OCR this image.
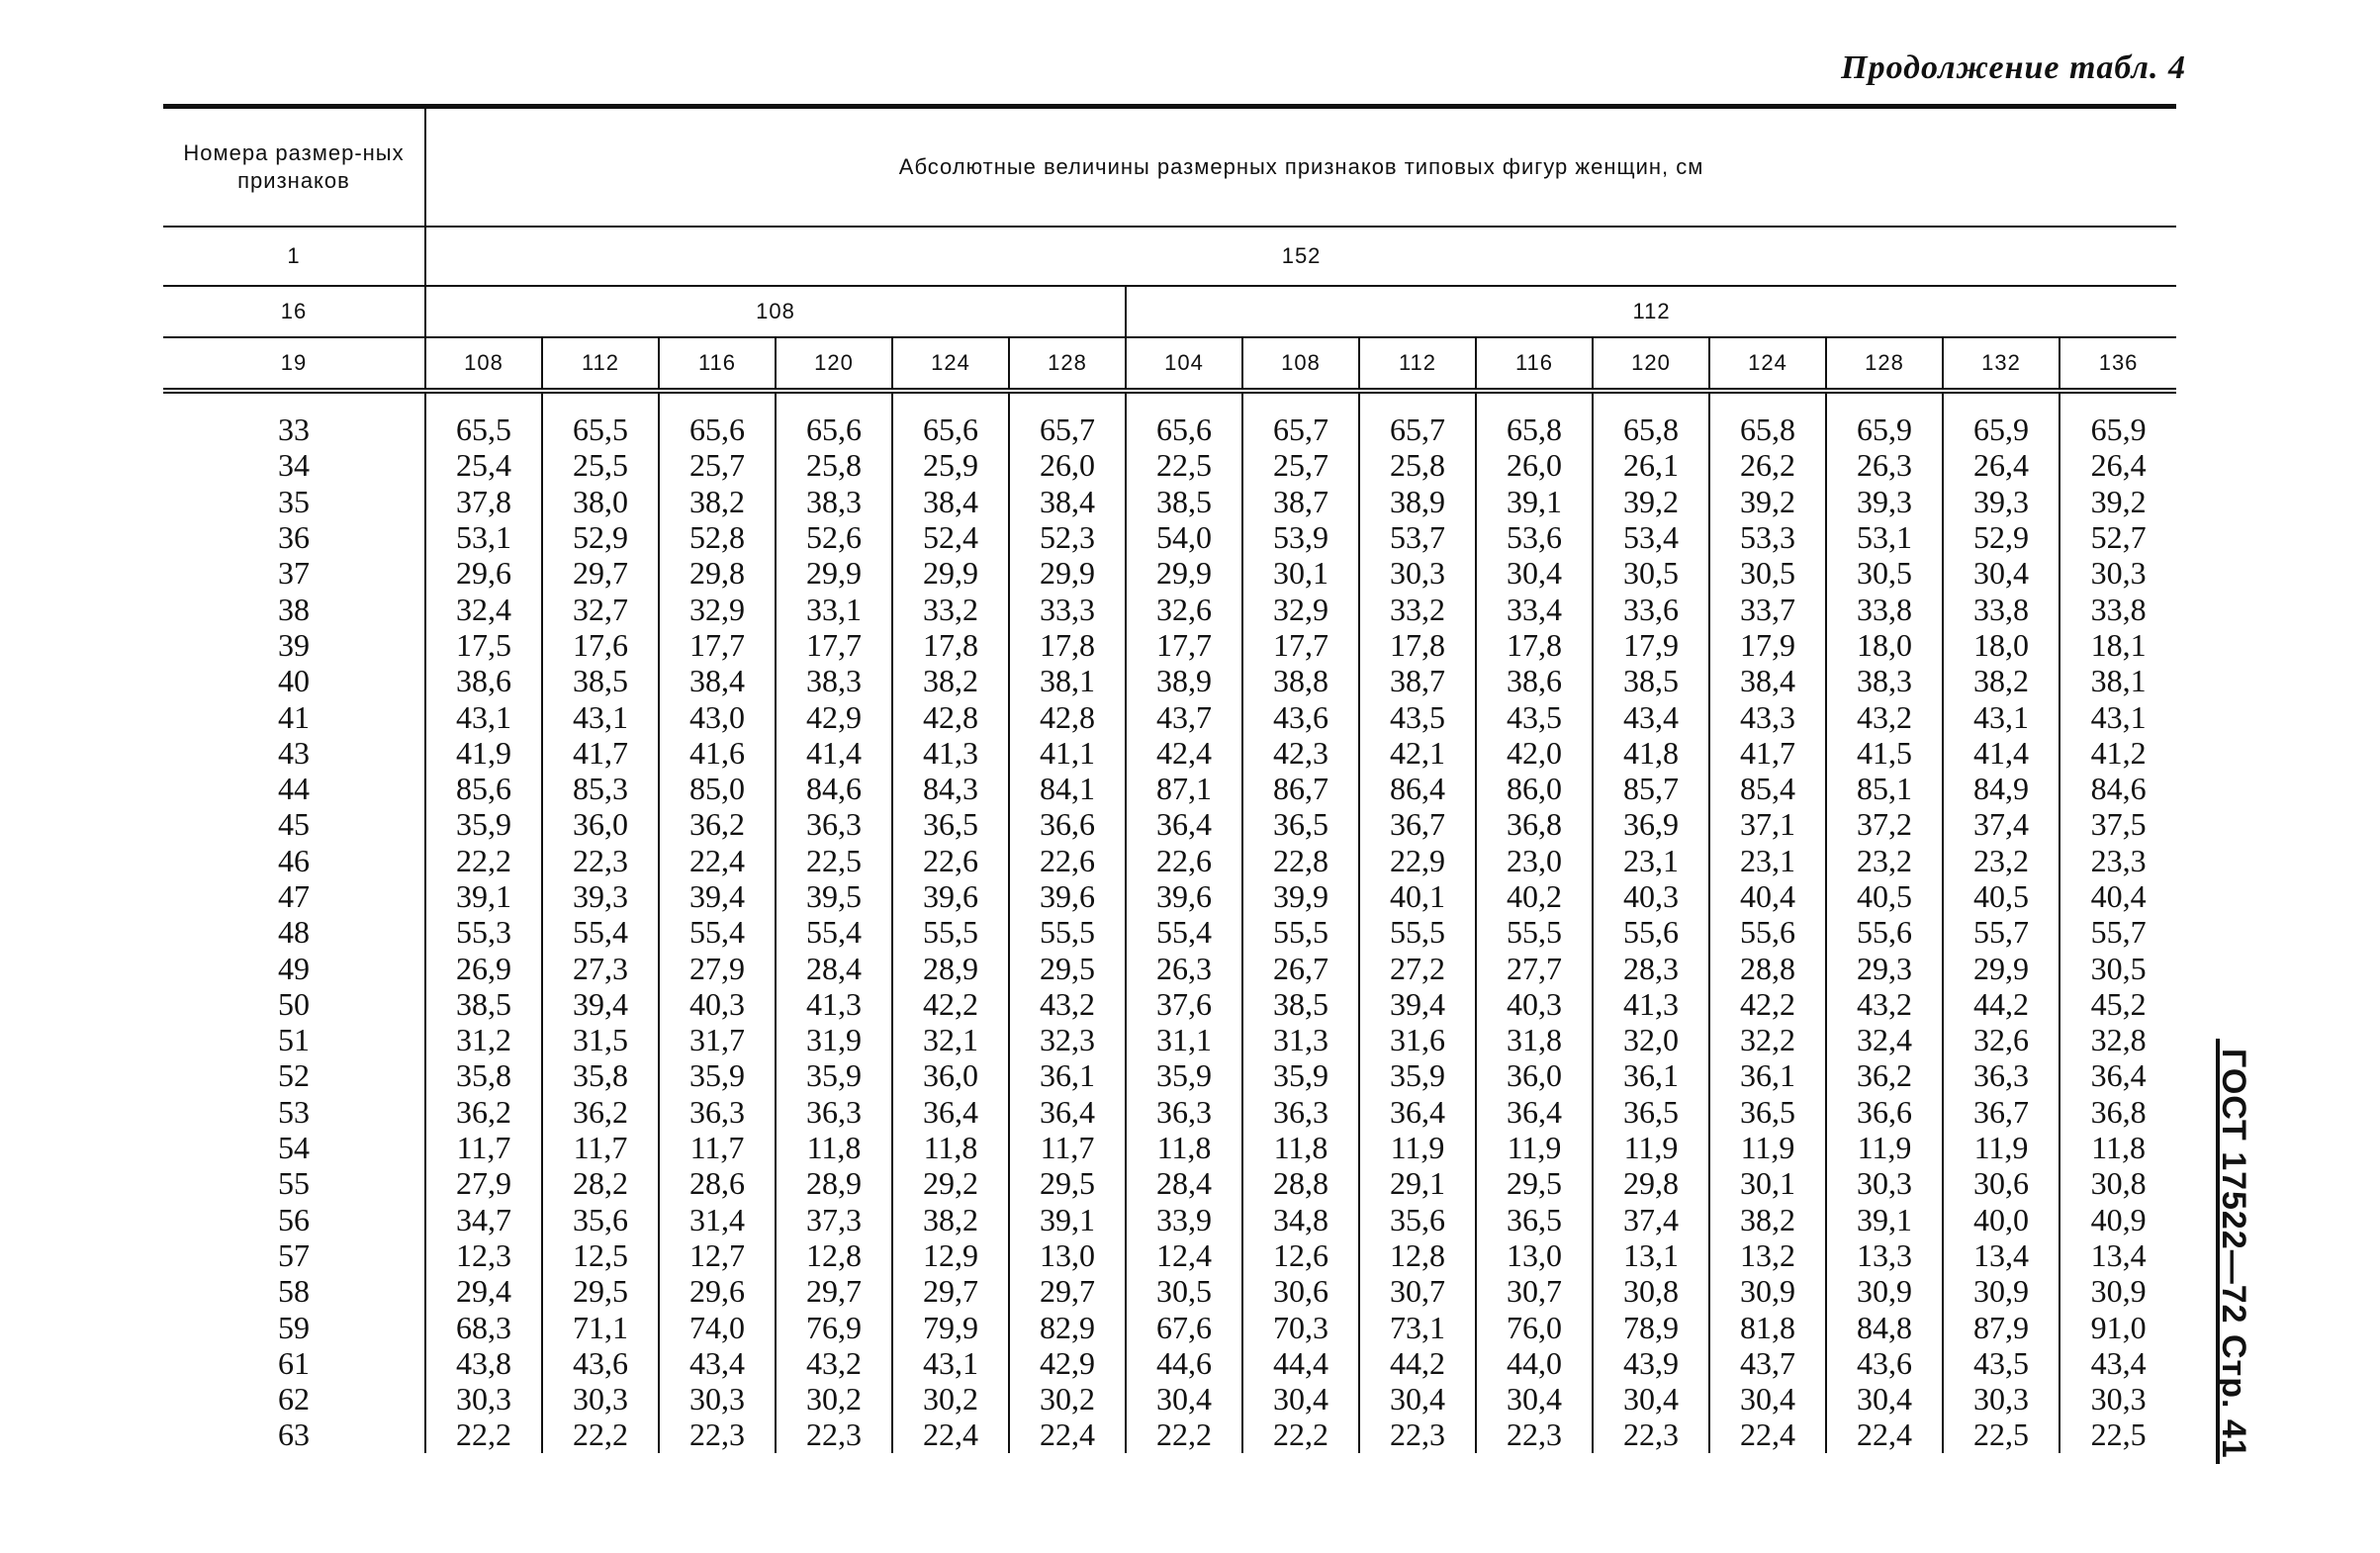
Продолжение табл. 4
ГОСТ 17522—72 Стр. 41
Номера размер-ных признаков	Абсолютные величины размерных признаков типовых фигур женщин, см														
1	152														
16	108						112								
19	108	112	116	120	124	128	104	108	112	116	120	124	128	132	136
33	65,5	65,5	65,6	65,6	65,6	65,7	65,6	65,7	65,7	65,8	65,8	65,8	65,9	65,9	65,9
34	25,4	25,5	25,7	25,8	25,9	26,0	22,5	25,7	25,8	26,0	26,1	26,2	26,3	26,4	26,4
35	37,8	38,0	38,2	38,3	38,4	38,4	38,5	38,7	38,9	39,1	39,2	39,2	39,3	39,3	39,2
36	53,1	52,9	52,8	52,6	52,4	52,3	54,0	53,9	53,7	53,6	53,4	53,3	53,1	52,9	52,7
37	29,6	29,7	29,8	29,9	29,9	29,9	29,9	30,1	30,3	30,4	30,5	30,5	30,5	30,4	30,3
38	32,4	32,7	32,9	33,1	33,2	33,3	32,6	32,9	33,2	33,4	33,6	33,7	33,8	33,8	33,8
39	17,5	17,6	17,7	17,7	17,8	17,8	17,7	17,7	17,8	17,8	17,9	17,9	18,0	18,0	18,1
40	38,6	38,5	38,4	38,3	38,2	38,1	38,9	38,8	38,7	38,6	38,5	38,4	38,3	38,2	38,1
41	43,1	43,1	43,0	42,9	42,8	42,8	43,7	43,6	43,5	43,5	43,4	43,3	43,2	43,1	43,1
43	41,9	41,7	41,6	41,4	41,3	41,1	42,4	42,3	42,1	42,0	41,8	41,7	41,5	41,4	41,2
44	85,6	85,3	85,0	84,6	84,3	84,1	87,1	86,7	86,4	86,0	85,7	85,4	85,1	84,9	84,6
45	35,9	36,0	36,2	36,3	36,5	36,6	36,4	36,5	36,7	36,8	36,9	37,1	37,2	37,4	37,5
46	22,2	22,3	22,4	22,5	22,6	22,6	22,6	22,8	22,9	23,0	23,1	23,1	23,2	23,2	23,3
47	39,1	39,3	39,4	39,5	39,6	39,6	39,6	39,9	40,1	40,2	40,3	40,4	40,5	40,5	40,4
48	55,3	55,4	55,4	55,4	55,5	55,5	55,4	55,5	55,5	55,5	55,6	55,6	55,6	55,7	55,7
49	26,9	27,3	27,9	28,4	28,9	29,5	26,3	26,7	27,2	27,7	28,3	28,8	29,3	29,9	30,5
50	38,5	39,4	40,3	41,3	42,2	43,2	37,6	38,5	39,4	40,3	41,3	42,2	43,2	44,2	45,2
51	31,2	31,5	31,7	31,9	32,1	32,3	31,1	31,3	31,6	31,8	32,0	32,2	32,4	32,6	32,8
52	35,8	35,8	35,9	35,9	36,0	36,1	35,9	35,9	35,9	36,0	36,1	36,1	36,2	36,3	36,4
53	36,2	36,2	36,3	36,3	36,4	36,4	36,3	36,3	36,4	36,4	36,5	36,5	36,6	36,7	36,8
54	11,7	11,7	11,7	11,8	11,8	11,7	11,8	11,8	11,9	11,9	11,9	11,9	11,9	11,9	11,8
55	27,9	28,2	28,6	28,9	29,2	29,5	28,4	28,8	29,1	29,5	29,8	30,1	30,3	30,6	30,8
56	34,7	35,6	31,4	37,3	38,2	39,1	33,9	34,8	35,6	36,5	37,4	38,2	39,1	40,0	40,9
57	12,3	12,5	12,7	12,8	12,9	13,0	12,4	12,6	12,8	13,0	13,1	13,2	13,3	13,4	13,4
58	29,4	29,5	29,6	29,7	29,7	29,7	30,5	30,6	30,7	30,7	30,8	30,9	30,9	30,9	30,9
59	68,3	71,1	74,0	76,9	79,9	82,9	67,6	70,3	73,1	76,0	78,9	81,8	84,8	87,9	91,0
61	43,8	43,6	43,4	43,2	43,1	42,9	44,6	44,4	44,2	44,0	43,9	43,7	43,6	43,5	43,4
62	30,3	30,3	30,3	30,2	30,2	30,2	30,4	30,4	30,4	30,4	30,4	30,4	30,4	30,3	30,3
63	22,2	22,2	22,3	22,3	22,4	22,4	22,2	22,2	22,3	22,3	22,3	22,4	22,4	22,5	22,5
